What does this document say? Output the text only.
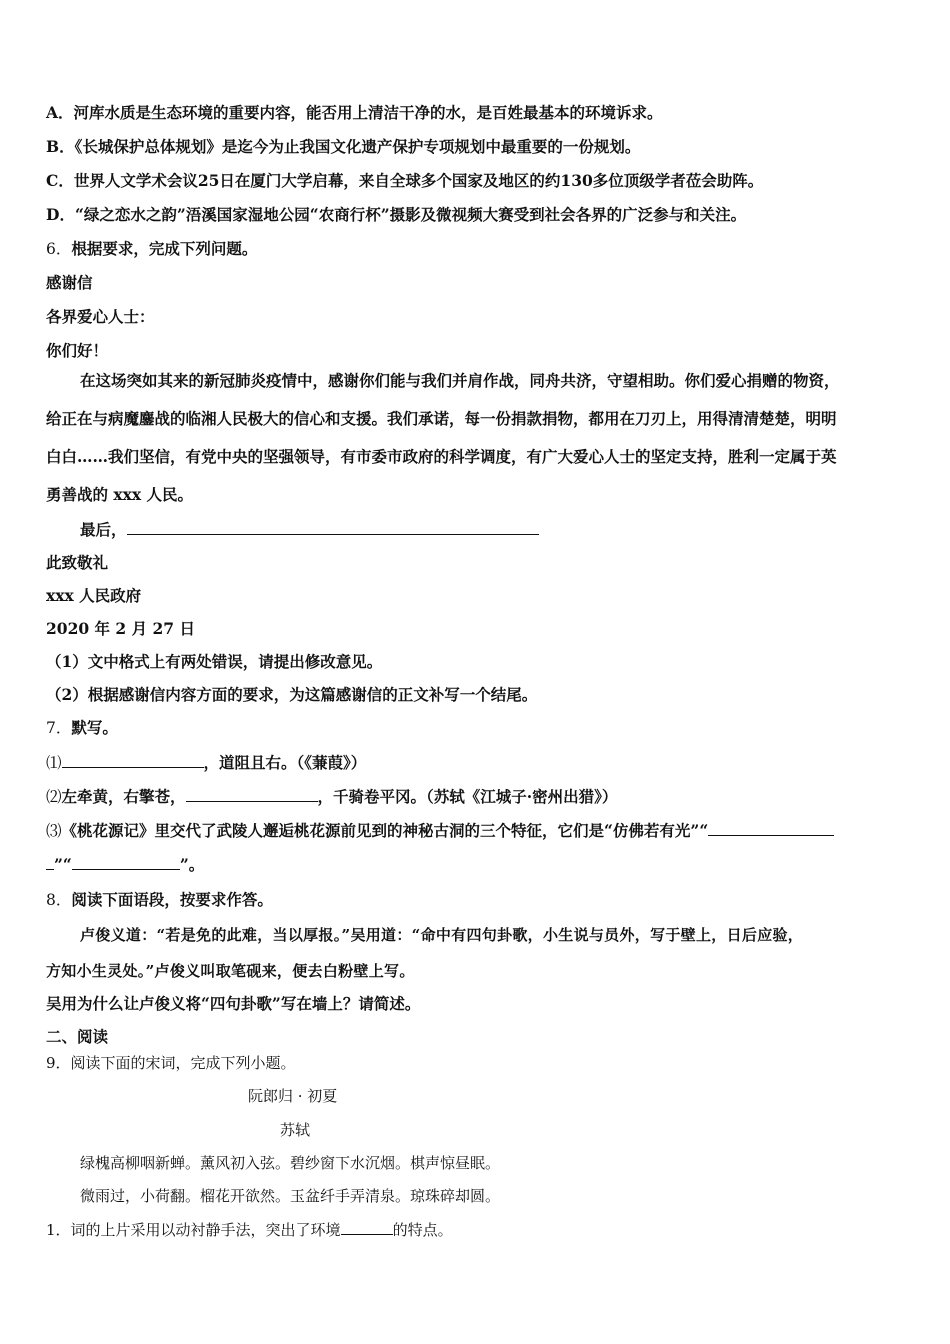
A．河库水质是生态环境的重要内容，能否用上清洁干净的水，是百姓最基本的环境诉求。
B．《长城保护总体规划》是迄今为止我国文化遗产保护专项规划中最重要的一份规划。
C．世界人文学术会议25日在厦门大学启幕，来自全球多个国家及地区的约130多位顶级学者莅会助阵。
D．“绿之恋水之韵”浯溪国家湿地公园“农商行杯”摄影及微视频大赛受到社会各界的广泛参与和关注。
6．根据要求，完成下列问题。
感谢信
各界爱心人士：
你们好！
在这场突如其来的新冠肺炎疫情中，感谢你们能与我们并肩作战，同舟共济，守望相助。你们爱心捐赠的物资，
给正在与病魔鏖战的临湘人民极大的信心和支援。我们承诺，每一份捐款捐物，都用在刀刃上，用得清清楚楚，明明
白白……我们坚信，有党中央的坚强领导，有市委市政府的科学调度，有广大爱心人士的坚定支持，胜利一定属于英
勇善战的 xxx 人民。
最后，
此致敬礼
xxx 人民政府
2020 年 2 月 27 日
（1）文中格式上有两处错误，请提出修改意见。
（2）根据感谢信内容方面的要求，为这篇感谢信的正文补写一个结尾。
7．默写。
⑴	，道阻且右。（《蒹葭》）
⑵左牵黄，右擎苍，	，千骑卷平冈。（苏轼《江城子·密州出猎》）
⑶《桃花源记》里交代了武陵人邂逅桃花源前见到的神秘古洞的三个特征，它们是“仿佛若有光”“
”“	”。
8．阅读下面语段，按要求作答。
卢俊义道：“若是免的此难，当以厚报。”吴用道：“命中有四句卦歌，小生说与员外，写于壁上，日后应验，
方知小生灵处。”卢俊义叫取笔砚来，便去白粉壁上写。
吴用为什么让卢俊义将“四句卦歌”写在墙上？请简述。
二、阅读
9．阅读下面的宋词，完成下列小题。
阮郎归 · 初夏
苏轼
绿槐高柳咽新蝉。薰风初入弦。碧纱窗下水沉烟。棋声惊昼眠。
微雨过，小荷翻。榴花开欲然。玉盆纤手弄清泉。琼珠碎却圆。
1．词的上片采用以动衬静手法，突出了环境	的特点。
